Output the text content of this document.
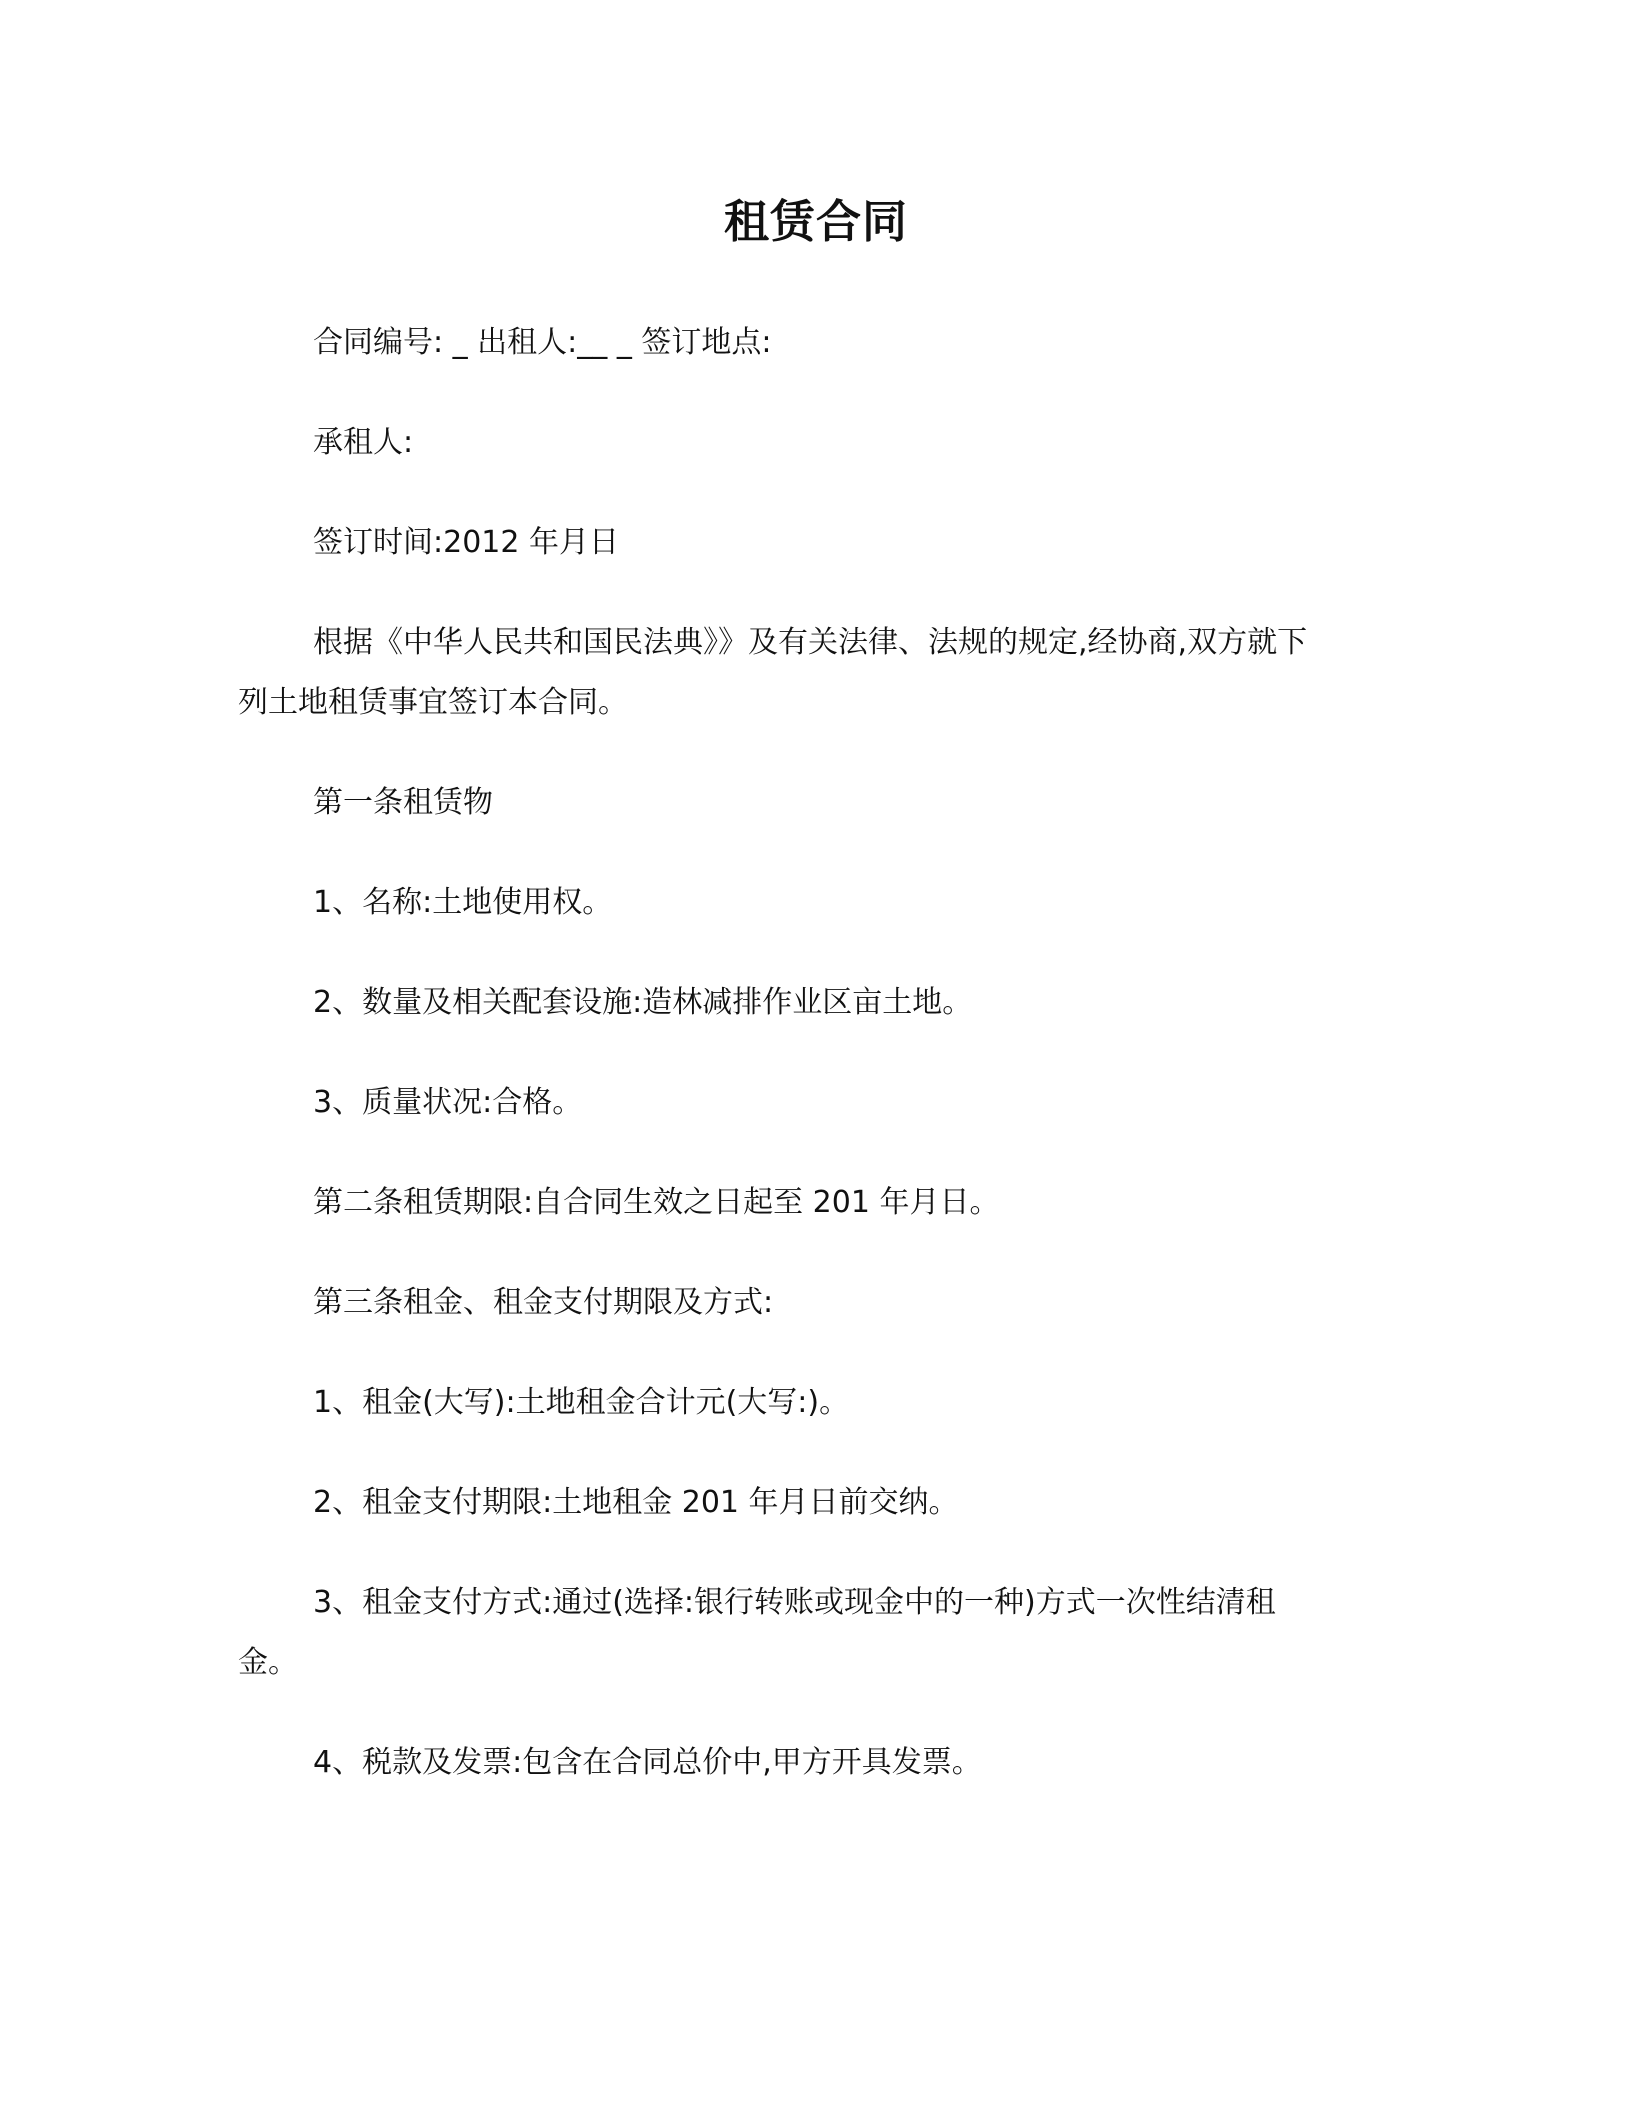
租赁合同
合同编号: _ 出租人:__ _ 签订地点:
承租人:
签订时间:2012 年月日
根据《中华人民共和国民法典》》及有关法律、法规的规定,经协商,双方就下
列土地租赁事宜签订本合同。
第一条租赁物
1、名称:土地使用权。
2、数量及相关配套设施:造林减排作业区亩土地。
3、质量状况:合格。
第二条租赁期限:自合同生效之日起至 201 年月日。
第三条租金、租金支付期限及方式:
1、租金(大写):土地租金合计元(大写:)。
2、租金支付期限:土地租金 201 年月日前交纳。
3、租金支付方式:通过(选择:银行转账或现金中的一种)方式一次性结清租
金。
4、税款及发票:包含在合同总价中,甲方开具发票。
